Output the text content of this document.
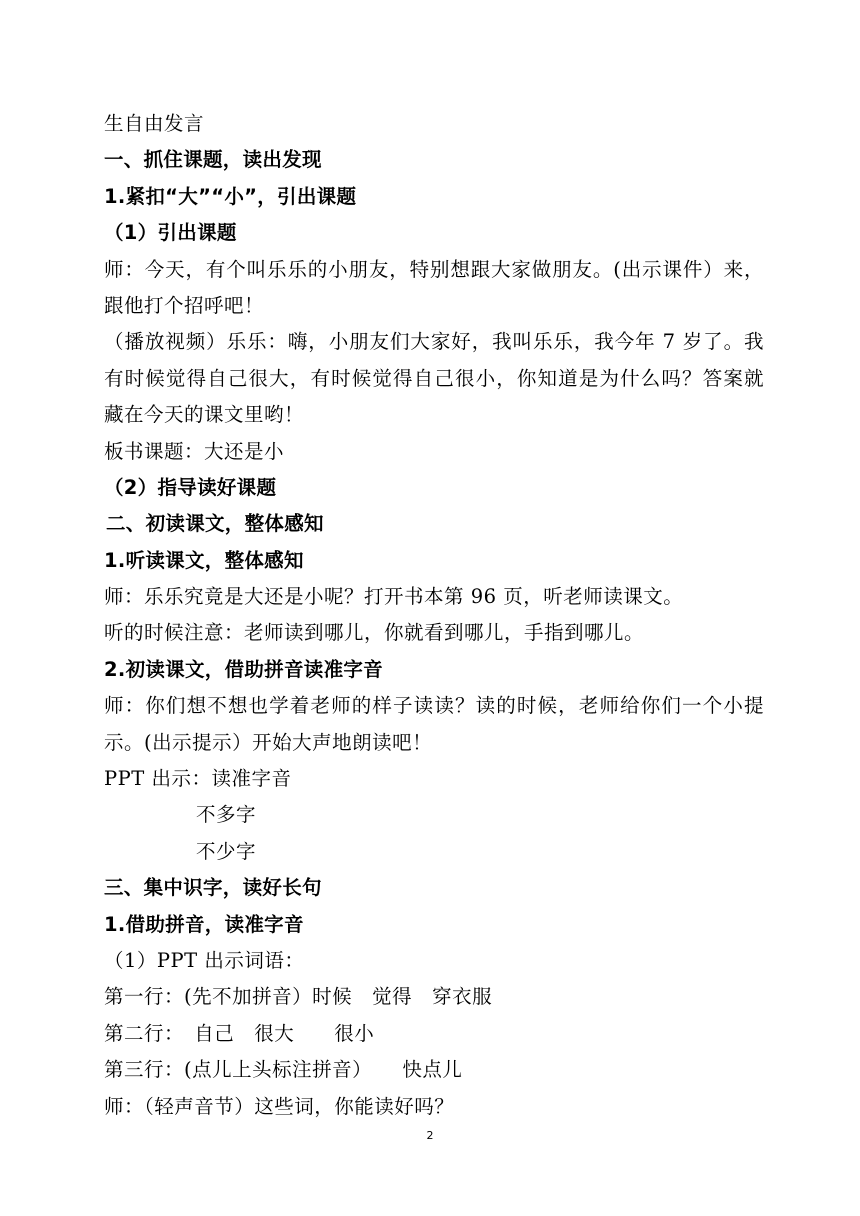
生自由发言
一、抓住课题，读出发现
1.紧扣“大”“小”，引出课题
（1）引出课题
师：今天，有个叫乐乐的小朋友，特别想跟大家做朋友。(出示课件）来，
跟他打个招呼吧！
（播放视频）乐乐：嗨，小朋友们大家好，我叫乐乐，我今年 7 岁了。我
有时候觉得自己很大，有时候觉得自己很小，你知道是为什么吗？答案就
藏在今天的课文里哟！
板书课题：大还是小
（2）指导读好课题
二、初读课文，整体感知
1.听读课文，整体感知
师：乐乐究竟是大还是小呢？打开书本第 96 页，听老师读课文。
听的时候注意：老师读到哪儿，你就看到哪儿，手指到哪儿。
2.初读课文，借助拼音读准字音
师：你们想不想也学着老师的样子读读？读的时候，老师给你们一个小提
示。(出示提示）开始大声地朗读吧！
PPT 出示：读准字音
不多字
不少字
三、集中识字，读好长句
1.借助拼音，读准字音
（1）PPT 出示词语：
第一行：(先不加拼音）时候　觉得　穿衣服
第二行：　自己　很大　　很小
第三行：(点儿上头标注拼音）　　快点儿
师：（轻声音节）这些词，你能读好吗？
2
